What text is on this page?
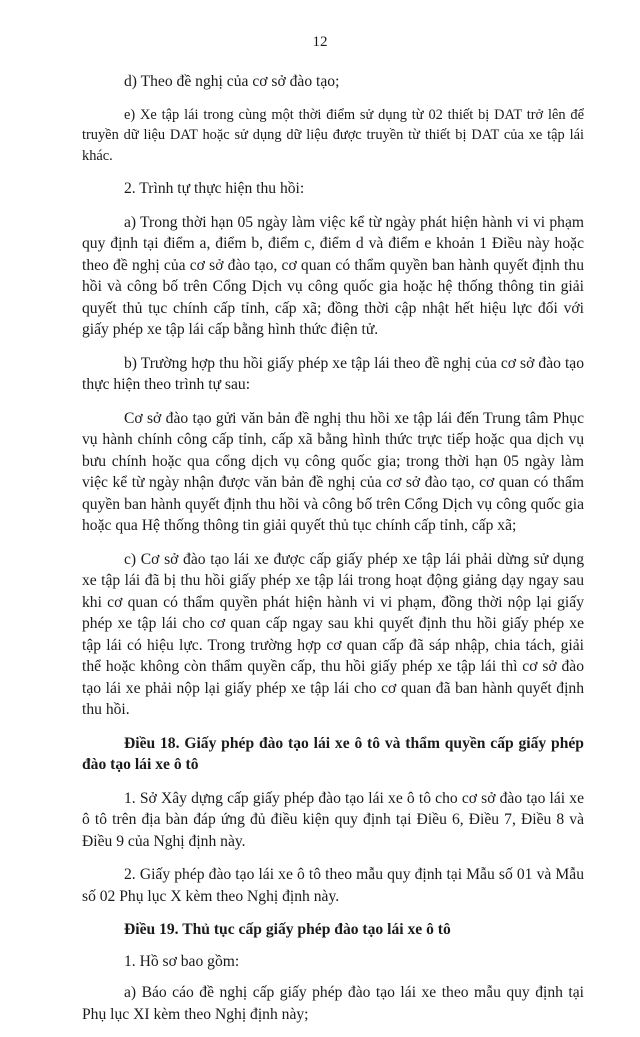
12

d) Theo đề nghị của cơ sở đào tạo;

e) Xe tập lái trong cùng một thời điểm sử dụng từ 02 thiết bị DAT trở lên để truyền dữ liệu DAT hoặc sử dụng dữ liệu được truyền từ thiết bị DAT của xe tập lái khác.

2. Trình tự thực hiện thu hồi:

a) Trong thời hạn 05 ngày làm việc kể từ ngày phát hiện hành vi vi phạm quy định tại điểm a, điểm b, điểm c, điểm d và điểm e khoản 1 Điều này hoặc theo đề nghị của cơ sở đào tạo, cơ quan có thẩm quyền ban hành quyết định thu hồi và công bố trên Cổng Dịch vụ công quốc gia hoặc hệ thống thông tin giải quyết thủ tục chính cấp tỉnh, cấp xã; đồng thời cập nhật hết hiệu lực đối với giấy phép xe tập lái cấp bằng hình thức điện tử.

b) Trường hợp thu hồi giấy phép xe tập lái theo đề nghị của cơ sở đào tạo thực hiện theo trình tự sau:

Cơ sở đào tạo gửi văn bản đề nghị thu hồi xe tập lái đến Trung tâm Phục vụ hành chính công cấp tỉnh, cấp xã bằng hình thức trực tiếp hoặc qua dịch vụ bưu chính hoặc qua cổng dịch vụ công quốc gia; trong thời hạn 05 ngày làm việc kể từ ngày nhận được văn bản đề nghị của cơ sở đào tạo, cơ quan có thẩm quyền ban hành quyết định thu hồi và công bố trên Cổng Dịch vụ công quốc gia hoặc qua Hệ thống thông tin giải quyết thủ tục chính cấp tỉnh, cấp xã;

c) Cơ sở đào tạo lái xe được cấp giấy phép xe tập lái phải dừng sử dụng xe tập lái đã bị thu hồi giấy phép xe tập lái trong hoạt động giảng dạy ngay sau khi cơ quan có thẩm quyền phát hiện hành vi vi phạm, đồng thời nộp lại giấy phép xe tập lái cho cơ quan cấp ngay sau khi quyết định thu hồi giấy phép xe tập lái có hiệu lực. Trong trường hợp cơ quan cấp đã sáp nhập, chia tách, giải thể hoặc không còn thẩm quyền cấp, thu hồi giấy phép xe tập lái thì cơ sở đào tạo lái xe phải nộp lại giấy phép xe tập lái cho cơ quan đã ban hành quyết định thu hồi.

Điều 18. Giấy phép đào tạo lái xe ô tô và thẩm quyền cấp giấy phép đào tạo lái xe ô tô

1. Sở Xây dựng cấp giấy phép đào tạo lái xe ô tô cho cơ sở đào tạo lái xe ô tô trên địa bàn đáp ứng đủ điều kiện quy định tại Điều 6, Điều 7, Điều 8 và Điều 9 của Nghị định này.

2. Giấy phép đào tạo lái xe ô tô theo mẫu quy định tại Mẫu số 01 và Mẫu số 02 Phụ lục X kèm theo Nghị định này.

Điều 19. Thủ tục cấp giấy phép đào tạo lái xe ô tô

1. Hồ sơ bao gồm:

a) Báo cáo đề nghị cấp giấy phép đào tạo lái xe theo mẫu quy định tại Phụ lục XI kèm theo Nghị định này;
